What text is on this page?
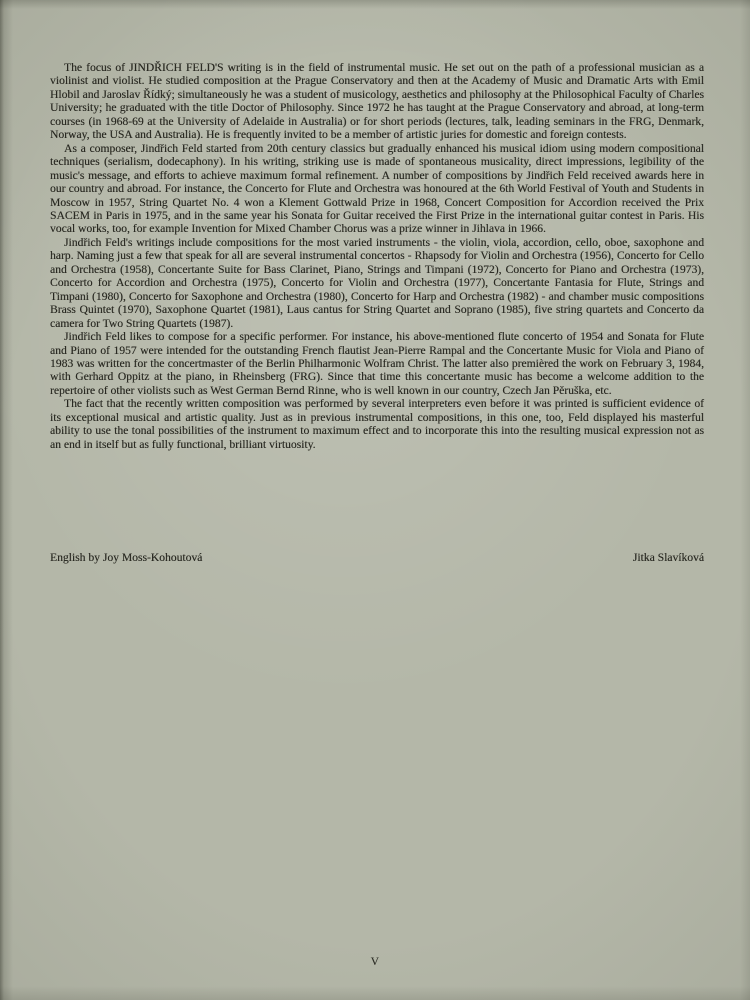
The focus of JINDŘICH FELD'S writing is in the field of instrumental music. He set out on the path of a professional musician as a violinist and violist. He studied composition at the Prague Conservatory and then at the Academy of Music and Dramatic Arts with Emil Hlobil and Jaroslav Řídký; simultaneously he was a student of musicology, aesthetics and philosophy at the Philosophical Faculty of Charles University; he graduated with the title Doctor of Philosophy. Since 1972 he has taught at the Prague Conservatory and abroad, at long-term courses (in 1968-69 at the University of Adelaide in Australia) or for short periods (lectures, talk, leading seminars in the FRG, Denmark, Norway, the USA and Australia). He is frequently invited to be a member of artistic juries for domestic and foreign contests.

As a composer, Jindřich Feld started from 20th century classics but gradually enhanced his musical idiom using modern compositional techniques (serialism, dodecaphony). In his writing, striking use is made of spontaneous musicality, direct impressions, legibility of the music's message, and efforts to achieve maximum formal refinement. A number of compositions by Jindřich Feld received awards here in our country and abroad. For instance, the Concerto for Flute and Orchestra was honoured at the 6th World Festival of Youth and Students in Moscow in 1957, String Quartet No. 4 won a Klement Gottwald Prize in 1968, Concert Composition for Accordion received the Prix SACEM in Paris in 1975, and in the same year his Sonata for Guitar received the First Prize in the international guitar contest in Paris. His vocal works, too, for example Invention for Mixed Chamber Chorus was a prize winner in Jihlava in 1966.

Jindřich Feld's writings include compositions for the most varied instruments - the violin, viola, accordion, cello, oboe, saxophone and harp. Naming just a few that speak for all are several instrumental concertos - Rhapsody for Violin and Orchestra (1956), Concerto for Cello and Orchestra (1958), Concertante Suite for Bass Clarinet, Piano, Strings and Timpani (1972), Concerto for Piano and Orchestra (1973), Concerto for Accordion and Orchestra (1975), Concerto for Violin and Orchestra (1977), Concertante Fantasia for Flute, Strings and Timpani (1980), Concerto for Saxophone and Orchestra (1980), Concerto for Harp and Orchestra (1982) - and chamber music compositions Brass Quintet (1970), Saxophone Quartet (1981), Laus cantus for String Quartet and Soprano (1985), five string quartets and Concerto da camera for Two String Quartets (1987).

Jindřich Feld likes to compose for a specific performer. For instance, his above-mentioned flute concerto of 1954 and Sonata for Flute and Piano of 1957 were intended for the outstanding French flautist Jean-Pierre Rampal and the Concertante Music for Viola and Piano of 1983 was written for the concertmaster of the Berlin Philharmonic Wolfram Christ. The latter also premièred the work on February 3, 1984, with Gerhard Oppitz at the piano, in Rheinsberg (FRG). Since that time this concertante music has become a welcome addition to the repertoire of other violists such as West German Bernd Rinne, who is well known in our country, Czech Jan Pěruška, etc.

The fact that the recently written composition was performed by several interpreters even before it was printed is sufficient evidence of its exceptional musical and artistic quality. Just as in previous instrumental compositions, in this one, too, Feld displayed his masterful ability to use the tonal possibilities of the instrument to maximum effect and to incorporate this into the resulting musical expression not as an end in itself but as fully functional, brilliant virtuosity.

English by Joy Moss-Kohoutová	Jitka Slavíková
V
